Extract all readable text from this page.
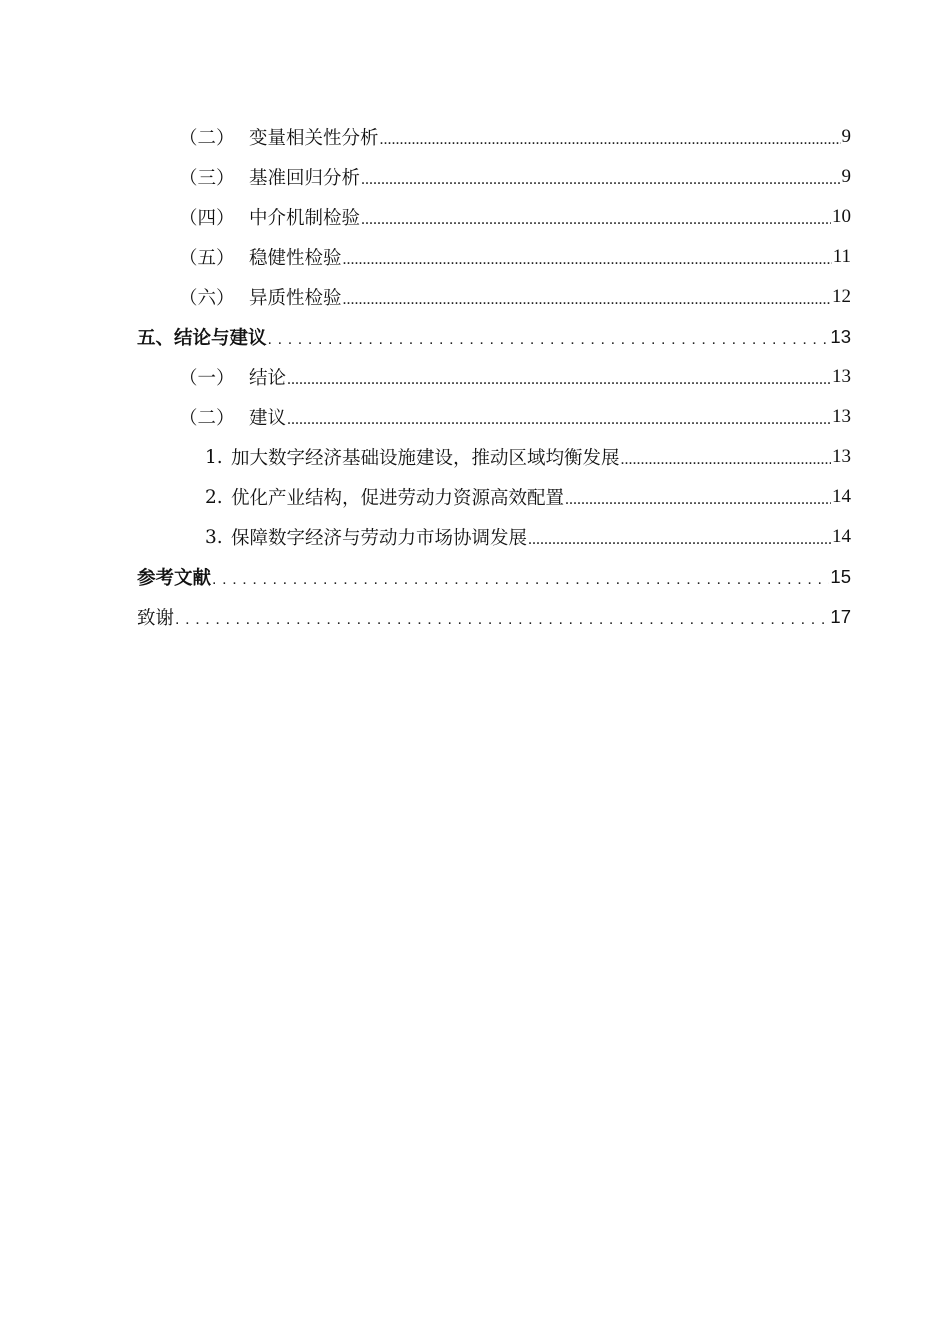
（二） 变量相关性分析 .....	9
（三） 基准回归分析 .....	9
（四） 中介机制检验 .....	10
（五） 稳健性检验 .....	11
（六） 异质性检验 .....	12
五、结论与建议 . . .	13
（一） 结论 .....	13
（二） 建议 .....	13
1. 加大数字经济基础设施建设，推动区域均衡发展 .....	13
2. 优化产业结构，促进劳动力资源高效配置 .....	14
3. 保障数字经济与劳动力市场协调发展 .....	14
参考文献 . . .	15
致谢 . . .	17
